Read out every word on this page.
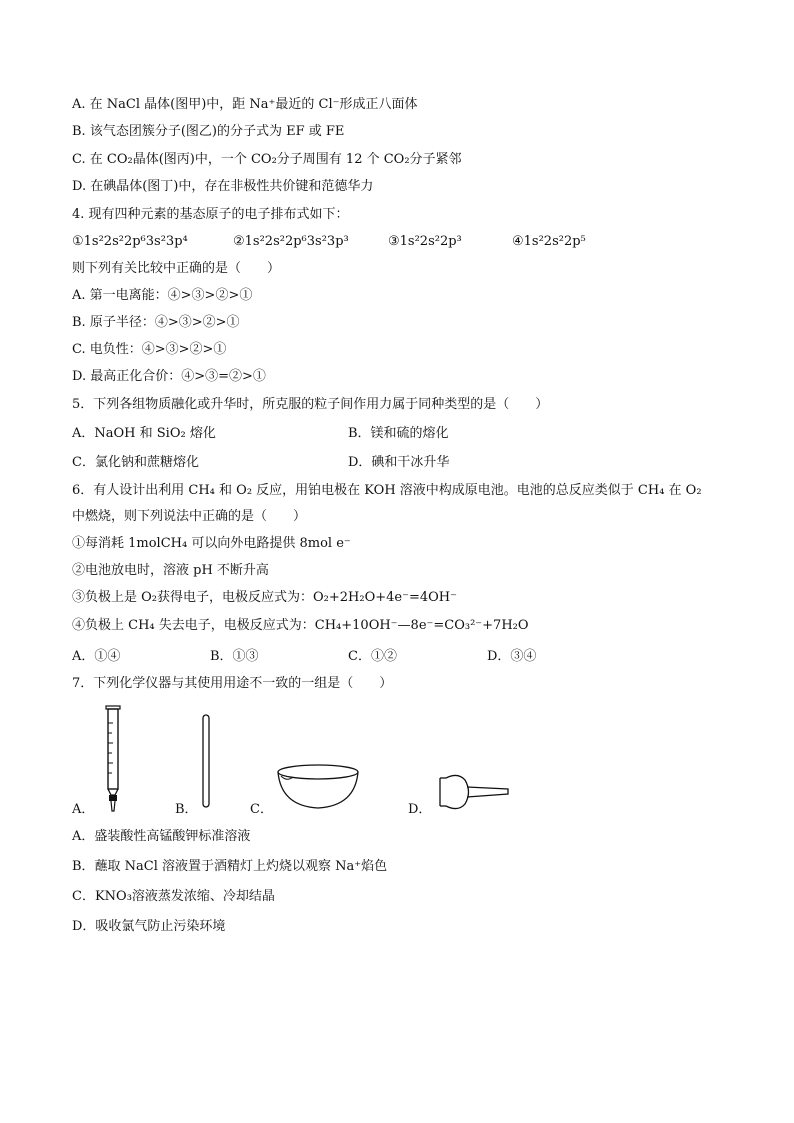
A. 在 NaCl 晶体(图甲)中，距 Na⁺最近的 Cl⁻形成正八面体
B. 该气态团簇分子(图乙)的分子式为 EF 或 FE
C. 在 CO₂晶体(图丙)中，一个 CO₂分子周围有 12 个 CO₂分子紧邻
D. 在碘晶体(图丁)中，存在非极性共价键和范德华力
4. 现有四种元素的基态原子的电子排布式如下：
①1s²2s²2p⁶3s²3p⁴	②1s²2s²2p⁶3s²3p³	③1s²2s²2p³	④1s²2s²2p⁵
则下列有关比较中正确的是（　　）
A. 第一电离能：④>③>②>①
B. 原子半径：④>③>②>①
C. 电负性：④>③>②>①
D. 最高正化合价：④>③=②>①
5．下列各组物质融化或升华时，所克服的粒子间作用力属于同种类型的是（　　）
A．NaOH 和 SiO₂ 熔化	B．镁和硫的熔化
C．氯化钠和蔗糖熔化	D．碘和干冰升华
6．有人设计出利用 CH₄ 和 O₂ 反应，用铂电极在 KOH 溶液中构成原电池。电池的总反应类似于 CH₄ 在 O₂
中燃烧，则下列说法中正确的是（　　）
①每消耗 1molCH₄ 可以向外电路提供 8mol e⁻
②电池放电时，溶液 pH 不断升高
③负极上是 O₂获得电子，电极反应式为：O₂+2H₂O+4e⁻=4OH⁻
④负极上 CH₄ 失去电子，电极反应式为：CH₄+10OH⁻—8e⁻=CO₃²⁻+7H₂O
A．①④	B．①③	C．①②	D．③④
7．下列化学仪器与其使用用途不一致的一组是（　　）
A．	B．	C．	D．
A．盛装酸性高锰酸钾标准溶液
B．蘸取 NaCl 溶液置于酒精灯上灼烧以观察 Na⁺焰色
C．KNO₃溶液蒸发浓缩、冷却结晶
D．吸收氯气防止污染环境
